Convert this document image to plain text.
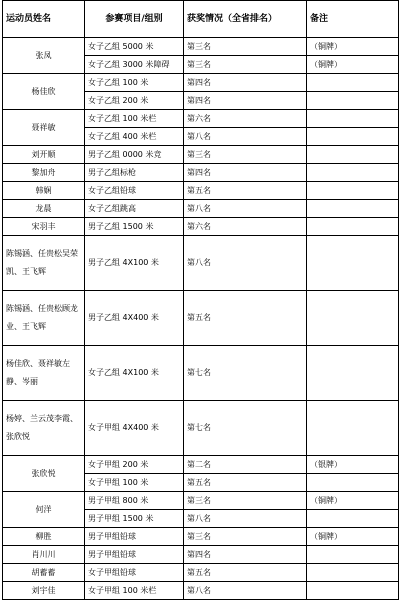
运动员姓名	参赛项目/组别	获奖情况（全省排名）	备注
张凤	女子乙组 5000 米	第三名	（铜牌）
	女子乙组 3000 米障碍	第三名	（铜牌）
杨佳欣	女子乙组 100 米	第四名	
	女子乙组 200 米	第四名	
聂祥敏	女子乙组 100 米栏	第六名	
	女子乙组 400 米栏	第八名	
刘开顺	男子乙组 0000 米竞	第三名	
黎加舟	男子乙组标枪	第四名	
韩娴	女子乙组铅球	第五名	
龙晨	女子乙组跳高	第八名	
宋羽丰	男子乙组 1500 米	第六名	
陈锡涵、任贵松吴荣凯、王飞辉	男子乙组 4X100 米	第八名	
陈锡涵、任贵松顾龙业、王飞辉	男子乙组 4X400 米	第五名	
杨佳欣、聂祥敏左静、岑丽	女子乙组 4X100 米	第七名	
杨婷、兰云茂李霞、张欣悦	女子甲组 4X400 米	第七名	
张欣悦	女子甲组 200 米	第二名	（银牌）
	女子甲组 100 米	第五名	
何洋	男子甲组 800 米	第三名	（铜牌）
	男子甲组 1500 米	第八名	
柳胜	男子甲组铅球	第三名	（铜牌）
肖川川	男子甲组铅球	第四名	
胡蓄蓄	女子甲组铅球	第五名	
刘宇佳	女子甲组 100 米栏	第八名	
